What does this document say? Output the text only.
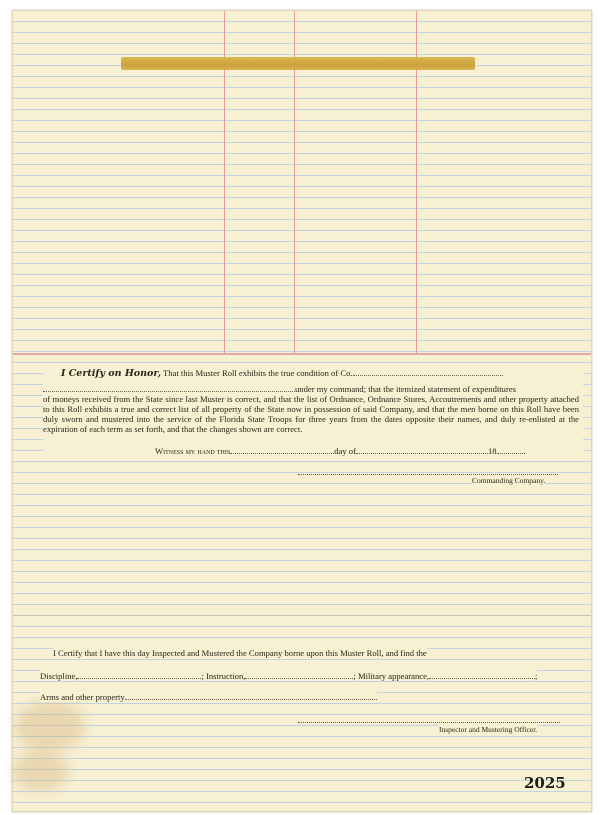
I Certify on Honor, That this Muster Roll exhibits the true condition of Co.
under my command; that the itemized statement of expenditures
of moneys received from the State since last Muster is correct, and that the list of Ordnance, Ordnance Stores, Accoutrements and other property attached to this Roll exhibits a true and correct list of all property of the State now in possession of said Company, and that the men borne on this Roll have been duly sworn and mustered into the service of the Florida State Troops for three years from the dates opposite their names, and duly re-enlisted at the expiration of each term as set forth, and that the changes shown are correct.
Witness my hand this	day of	18
Commanding Company.
I Certify that I have this day Inspected and Mustered the Company borne upon this Muster Roll, and find the
Discipline,	; Instruction,	; Military appearance,	;
Arms and other property
Inspector and Mustering Officer.
2025
